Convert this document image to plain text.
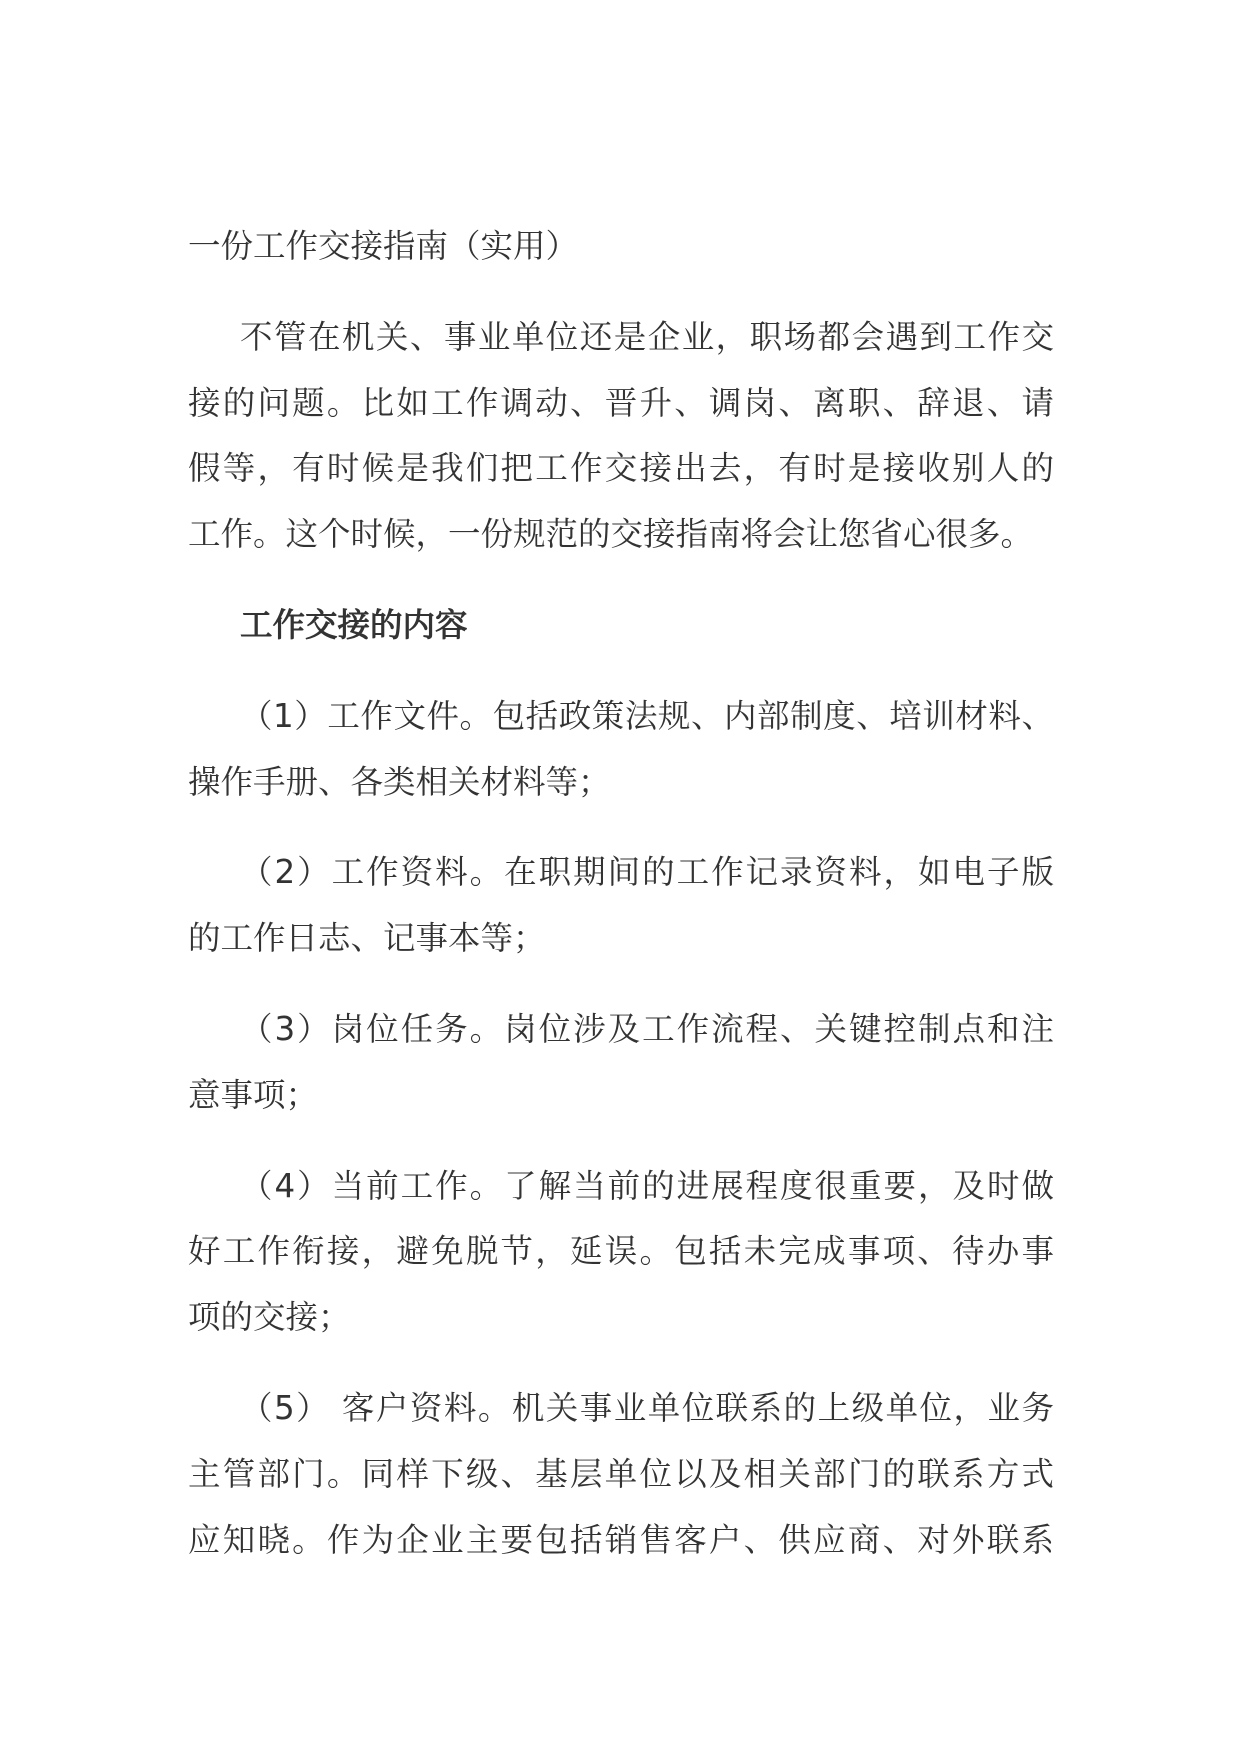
一份工作交接指南（实用）
不管在机关、事业单位还是企业，职场都会遇到工作交
接的问题。比如工作调动、晋升、调岗、离职、辞退、请
假等，有时候是我们把工作交接出去，有时是接收别人的
工作。这个时候，一份规范的交接指南将会让您省心很多。
工作交接的内容
（1）工作文件。包括政策法规、内部制度、培训材料、
操作手册、各类相关材料等；
（2）工作资料。在职期间的工作记录资料，如电子版
的工作日志、记事本等；
（3）岗位任务。岗位涉及工作流程、关键控制点和注
意事项；
（4）当前工作。了解当前的进展程度很重要，及时做
好工作衔接，避免脱节，延误。包括未完成事项、待办事
项的交接；
（5） 客户资料。机关事业单位联系的上级单位，业务
主管部门。同样下级、基层单位以及相关部门的联系方式
应知晓。作为企业主要包括销售客户、供应商、对外联系
